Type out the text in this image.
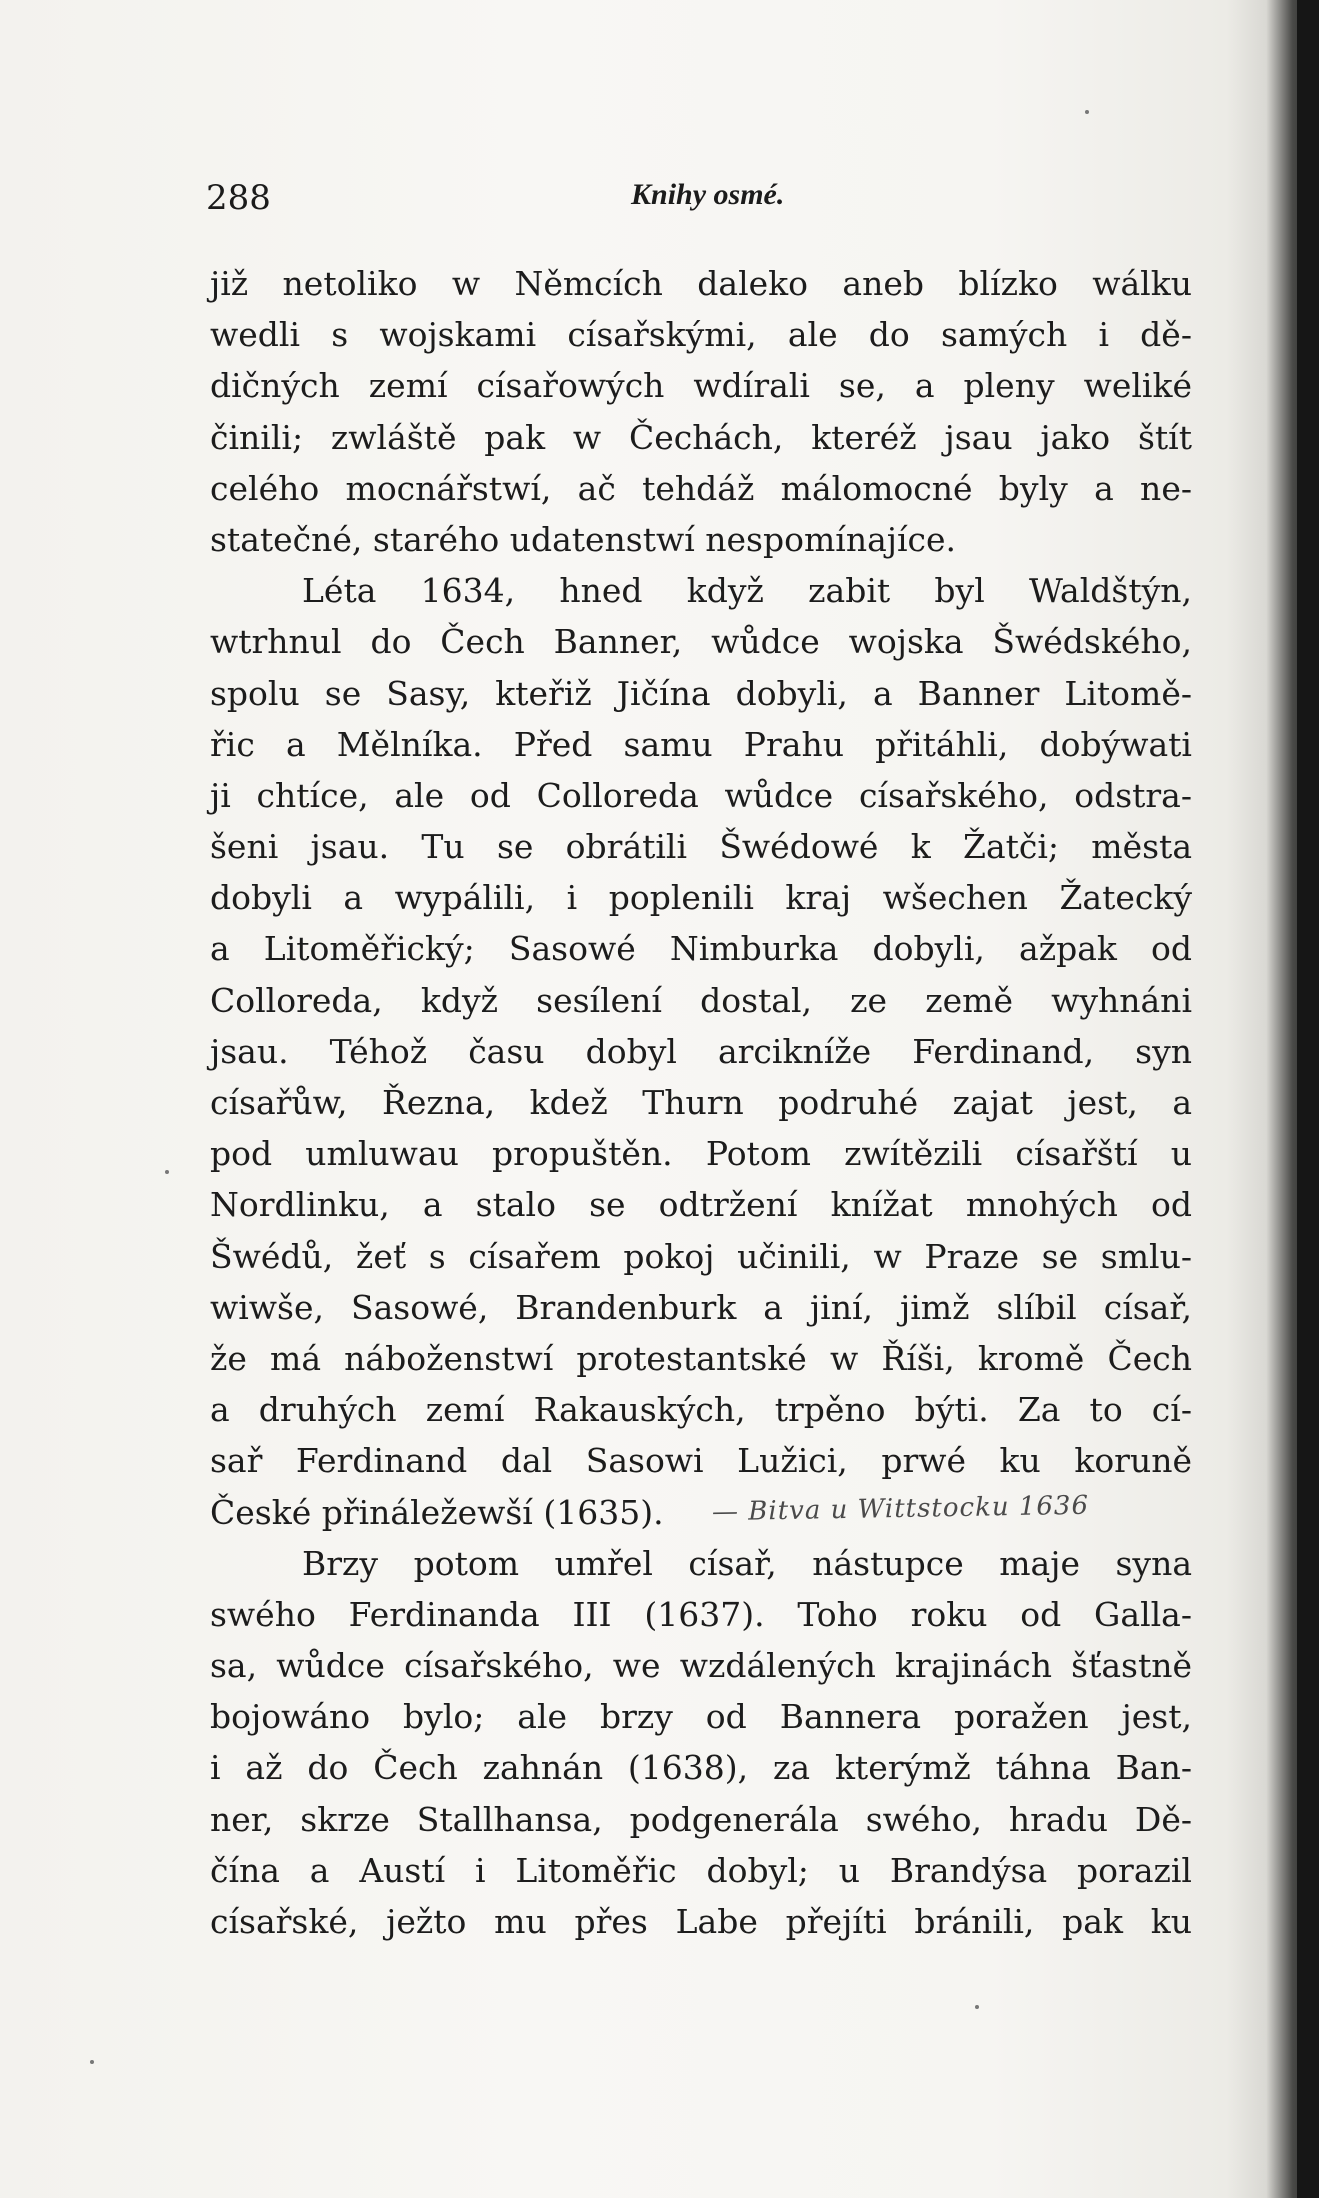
288	Knihy osmé.
již netoliko w Němcích daleko aneb blízko wálku
wedli s wojskami císařskými, ale do samých i dě-
dičných zemí císařowých wdírali se, a pleny weliké
činili; zwláště pak w Čechách, kteréž jsau jako štít
celého mocnářstwí, ač tehdáž málomocné byly a ne-
statečné, starého udatenstwí nespomínajíce.
Léta 1634, hned když zabit byl Waldštýn,
wtrhnul do Čech Banner, wůdce wojska Šwédského,
spolu se Sasy, kteřiž Jičína dobyli, a Banner Litomě-
řic a Mělníka. Před samu Prahu přitáhli, dobýwati
ji chtíce, ale od Colloreda wůdce císařského, odstra-
šeni jsau. Tu se obrátili Šwédowé k Žatči; města
dobyli a wypálili, i poplenili kraj wšechen Žatecký
a Litoměřický; Sasowé Nimburka dobyli, ažpak od
Colloreda, když sesílení dostal, ze země wyhnáni
jsau. Téhož času dobyl arcikníže Ferdinand, syn
císařůw, Řezna, kdež Thurn podruhé zajat jest, a
pod umluwau propuštěn. Potom zwítězili císařští u
Nordlinku, a stalo se odtržení knížat mnohých od
Šwédů, žeť s císařem pokoj učinili, w Praze se smlu-
wiwše, Sasowé, Brandenburk a jiní, jimž slíbil císař,
že má náboženstwí protestantské w Říši, kromě Čech
a druhých zemí Rakauských, trpěno býti. Za to cí-
sař Ferdinand dal Sasowi Lužici, prwé ku koruně
České přináležewší (1635).
Brzy potom umřel císař, nástupce maje syna
swého Ferdinanda III (1637). Toho roku od Galla-
sa, wůdce císařského, we wzdálených krajinách šťastně
bojowáno bylo; ale brzy od Bannera poražen jest,
i až do Čech zahnán (1638), za kterýmž táhna Ban-
ner, skrze Stallhansa, podgenerála swého, hradu Dě-
čína a Austí i Litoměřic dobyl; u Brandýsa porazil
císařské, ježto mu přes Labe přejíti bránili, pak ku
— Bitva u Wittstocku 1636
